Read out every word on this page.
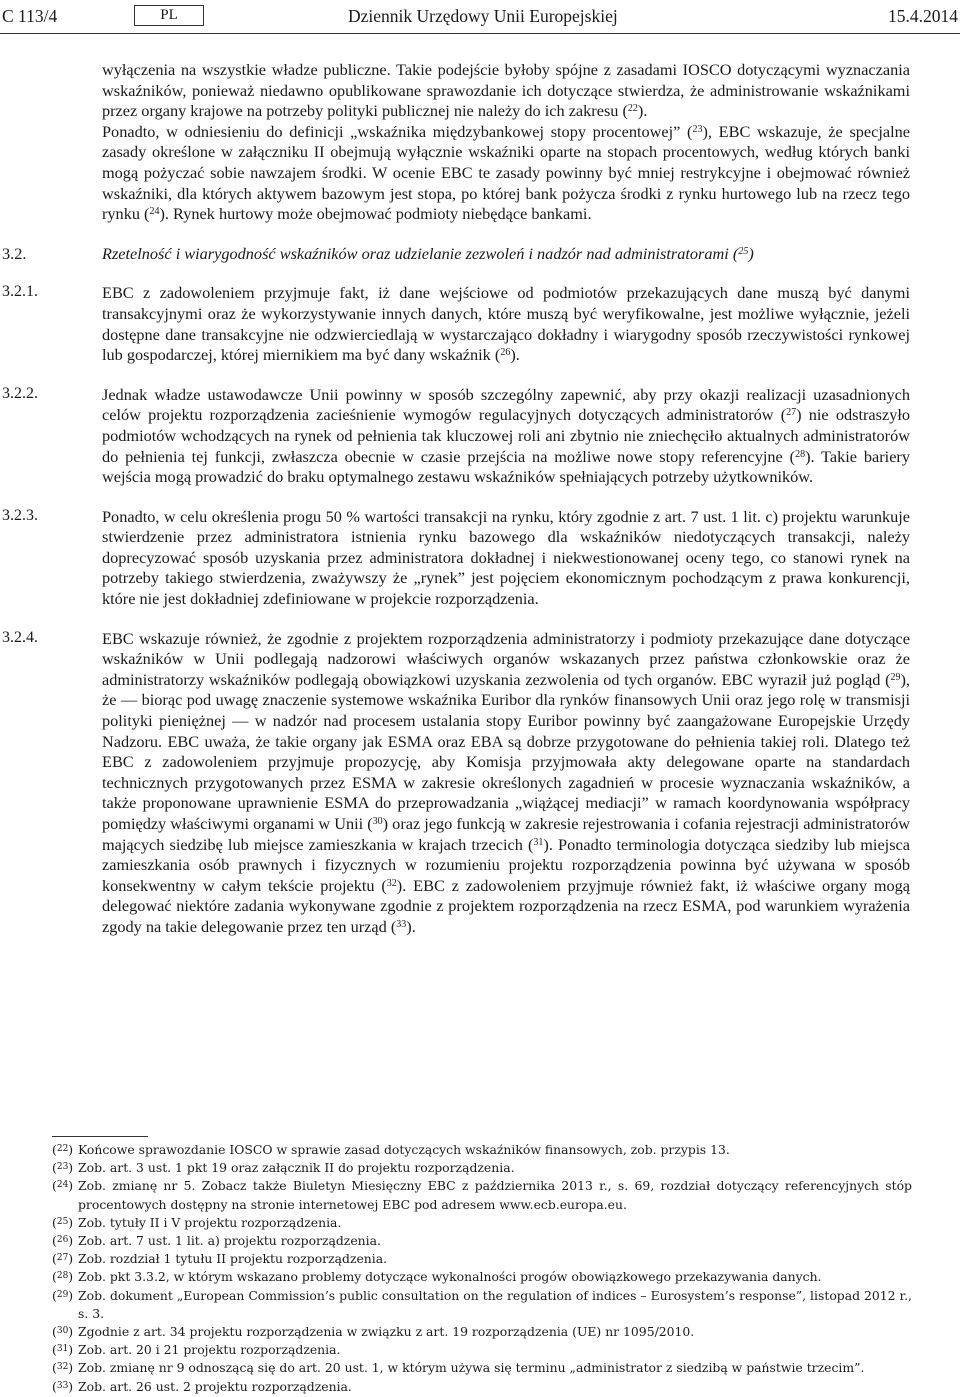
C 113/4	PL	Dziennik Urzędowy Unii Europejskiej	15.4.2014

wyłączenia na wszystkie władze publiczne. Takie podejście byłoby spójne z zasadami IOSCO dotyczącymi wyznaczania wskaźników, ponieważ niedawno opublikowane sprawozdanie ich dotyczące stwierdza, że administrowanie wskaźnikami przez organy krajowe na potrzeby polityki publicznej nie należy do ich zakresu ($^{22}$).

Ponadto, w odniesieniu do definicji „wskaźnika międzybankowej stopy procentowej” ($^{23}$), EBC wskazuje, że specjalne zasady określone w załączniku II obejmują wyłącznie wskaźniki oparte na stopach procentowych, według których banki mogą pożyczać sobie nawzajem środki. W ocenie EBC te zasady powinny być mniej restrykcyjne i obejmować również wskaźniki, dla których aktywem bazowym jest stopa, po której bank pożycza środki z rynku hurtowego lub na rzecz tego rynku ($^{24}$). Rynek hurtowy może obejmować podmioty niebędące bankami.

3.2.	Rzetelność i wiarygodność wskaźników oraz udzielanie zezwoleń i nadzór nad administratorami ($^{25}$)
3.2.1.	EBC z zadowoleniem przyjmuje fakt, iż dane wejściowe od podmiotów przekazujących dane muszą być danymi transakcyjnymi oraz że wykorzystywanie innych danych, które muszą być weryfikowalne, jest możliwe wyłącznie, jeżeli dostępne dane transakcyjne nie odzwierciedlają w wystarczająco dokładny i wiarygodny sposób rzeczywistości rynkowej lub gospodarczej, której miernikiem ma być dany wskaźnik ($^{26}$).

3.2.2.	Jednak władze ustawodawcze Unii powinny w sposób szczególny zapewnić, aby przy okazji realizacji uzasadnionych celów projektu rozporządzenia zacieśnienie wymogów regulacyjnych dotyczących administratorów ($^{27}$) nie odstraszyło podmiotów wchodzących na rynek od pełnienia tak kluczowej roli ani zbytnio nie zniechęciło aktualnych administratorów do pełnienia tej funkcji, zwłaszcza obecnie w czasie przejścia na możliwe nowe stopy referencyjne ($^{28}$). Takie bariery wejścia mogą prowadzić do braku optymalnego zestawu wskaźników spełniających potrzeby użytkowników.

3.2.3.	Ponadto, w celu określenia progu 50 % wartości transakcji na rynku, który zgodnie z art. 7 ust. 1 lit. c) projektu warunkuje stwierdzenie przez administratora istnienia rynku bazowego dla wskaźników niedotyczących transakcji, należy doprecyzować sposób uzyskania przez administratora dokładnej i niekwestionowanej oceny tego, co stanowi rynek na potrzeby takiego stwierdzenia, zważywszy że „rynek” jest pojęciem ekonomicznym pochodzącym z prawa konkurencji, które nie jest dokładniej zdefiniowane w projekcie rozporządzenia.

3.2.4.	EBC wskazuje również, że zgodnie z projektem rozporządzenia administratorzy i podmioty przekazujące dane dotyczące wskaźników w Unii podlegają nadzorowi właściwych organów wskazanych przez państwa członkowskie oraz że administratorzy wskaźników podlegają obowiązkowi uzyskania zezwolenia od tych organów. EBC wyraził już pogląd ($^{29}$), że — biorąc pod uwagę znaczenie systemowe wskaźnika Euribor dla rynków finansowych Unii oraz jego rolę w transmisji polityki pieniężnej — w nadzór nad procesem ustalania stopy Euribor powinny być zaangażowane Europejskie Urzędy Nadzoru. EBC uważa, że takie organy jak ESMA oraz EBA są dobrze przygotowane do pełnienia takiej roli. Dlatego też EBC z zadowoleniem przyjmuje propozycję, aby Komisja przyjmowała akty delegowane oparte na standardach technicznych przygotowanych przez ESMA w zakresie określonych zagadnień w procesie wyznaczania wskaźników, a także proponowane uprawnienie ESMA do przeprowadzania „wiążącej mediacji” w ramach koordynowania współpracy pomiędzy właściwymi organami w Unii ($^{30}$) oraz jego funkcją w zakresie rejestrowania i cofania rejestracji administratorów mających siedzibę lub miejsce zamieszkania w krajach trzecich ($^{31}$). Ponadto terminologia dotycząca siedziby lub miejsca zamieszkania osób prawnych i fizycznych w rozumieniu projektu rozporządzenia powinna być używana w sposób konsekwentny w całym tekście projektu ($^{32}$). EBC z zadowoleniem przyjmuje również fakt, iż właściwe organy mogą delegować niektóre zadania wykonywane zgodnie z projektem rozporządzenia na rzecz ESMA, pod warunkiem wyrażenia zgody na takie delegowanie przez ten urząd ($^{33}$).

($^{22}$) Końcowe sprawozdanie IOSCO w sprawie zasad dotyczących wskaźników finansowych, zob. przypis 13.
($^{23}$) Zob. art. 3 ust. 1 pkt 19 oraz załącznik II do projektu rozporządzenia.
($^{24}$) Zob. zmianę nr 5. Zobacz także Biuletyn Miesięczny EBC z października 2013 r., s. 69, rozdział dotyczący referencyjnych stóp procentowych dostępny na stronie internetowej EBC pod adresem www.ecb.europa.eu.
($^{25}$) Zob. tytuły II i V projektu rozporządzenia.
($^{26}$) Zob. art. 7 ust. 1 lit. a) projektu rozporządzenia.
($^{27}$) Zob. rozdział 1 tytułu II projektu rozporządzenia.
($^{28}$) Zob. pkt 3.3.2, w którym wskazano problemy dotyczące wykonalności progów obowiązkowego przekazywania danych.
($^{29}$) Zob. dokument „European Commission’s public consultation on the regulation of indices – Eurosystem’s response”, listopad 2012 r., s. 3.
($^{30}$) Zgodnie z art. 34 projektu rozporządzenia w związku z art. 19 rozporządzenia (UE) nr 1095/2010.
($^{31}$) Zob. art. 20 i 21 projektu rozporządzenia.
($^{32}$) Zob. zmianę nr 9 odnoszącą się do art. 20 ust. 1, w którym używa się terminu „administrator z siedzibą w państwie trzecim”.
($^{33}$) Zob. art. 26 ust. 2 projektu rozporządzenia.
